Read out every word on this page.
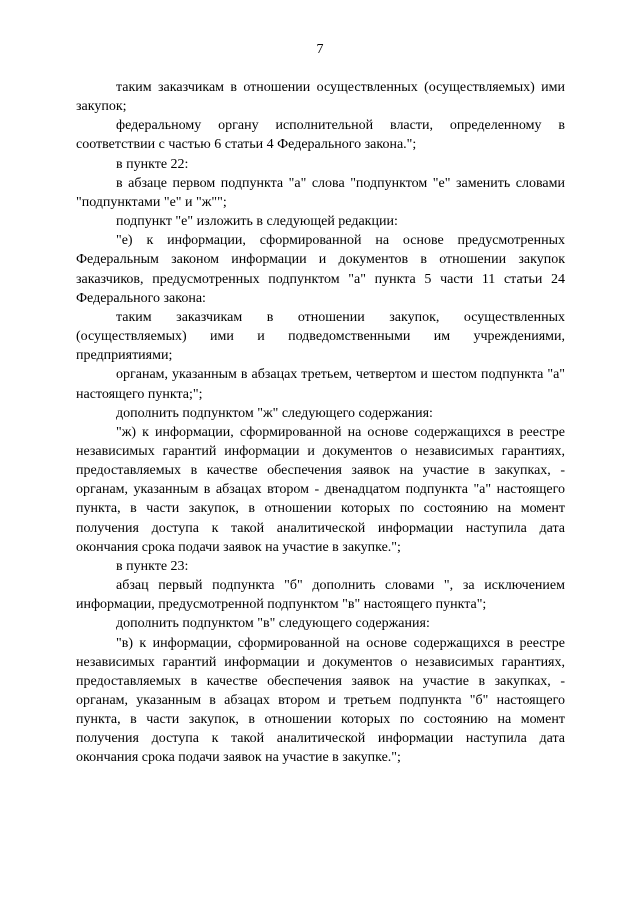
7

таким заказчикам в отношении осуществленных (осуществляемых) ими закупок;

федеральному органу исполнительной власти, определенному в соответствии с частью 6 статьи 4 Федерального закона.";

в пункте 22:

в абзаце первом подпункта "а" слова "подпунктом "е" заменить словами "подпунктами "е" и "ж"";

подпункт "е" изложить в следующей редакции:

"е) к информации, сформированной на основе предусмотренных Федеральным законом информации и документов в отношении закупок заказчиков, предусмотренных подпунктом "а" пункта 5 части 11 статьи 24 Федерального закона:

таким заказчикам в отношении закупок, осуществленных (осуществляемых) ими и подведомственными им учреждениями, предприятиями;

органам, указанным в абзацах третьем, четвертом и шестом подпункта "а" настоящего пункта;";

дополнить подпунктом "ж" следующего содержания:

"ж) к информации, сформированной на основе содержащихся в реестре независимых гарантий информации и документов о независимых гарантиях, предоставляемых в качестве обеспечения заявок на участие в закупках, - органам, указанным в абзацах втором - двенадцатом подпункта "а" настоящего пункта, в части закупок, в отношении которых по состоянию на момент получения доступа к такой аналитической информации наступила дата окончания срока подачи заявок на участие в закупке.";

в пункте 23:

абзац первый подпункта "б" дополнить словами ", за исключением информации, предусмотренной подпунктом "в" настоящего пункта";

дополнить подпунктом "в" следующего содержания:

"в) к информации, сформированной на основе содержащихся в реестре независимых гарантий информации и документов о независимых гарантиях, предоставляемых в качестве обеспечения заявок на участие в закупках, - органам, указанным в абзацах втором и третьем подпункта "б" настоящего пункта, в части закупок, в отношении которых по состоянию на момент получения доступа к такой аналитической информации наступила дата окончания срока подачи заявок на участие в закупке.";
